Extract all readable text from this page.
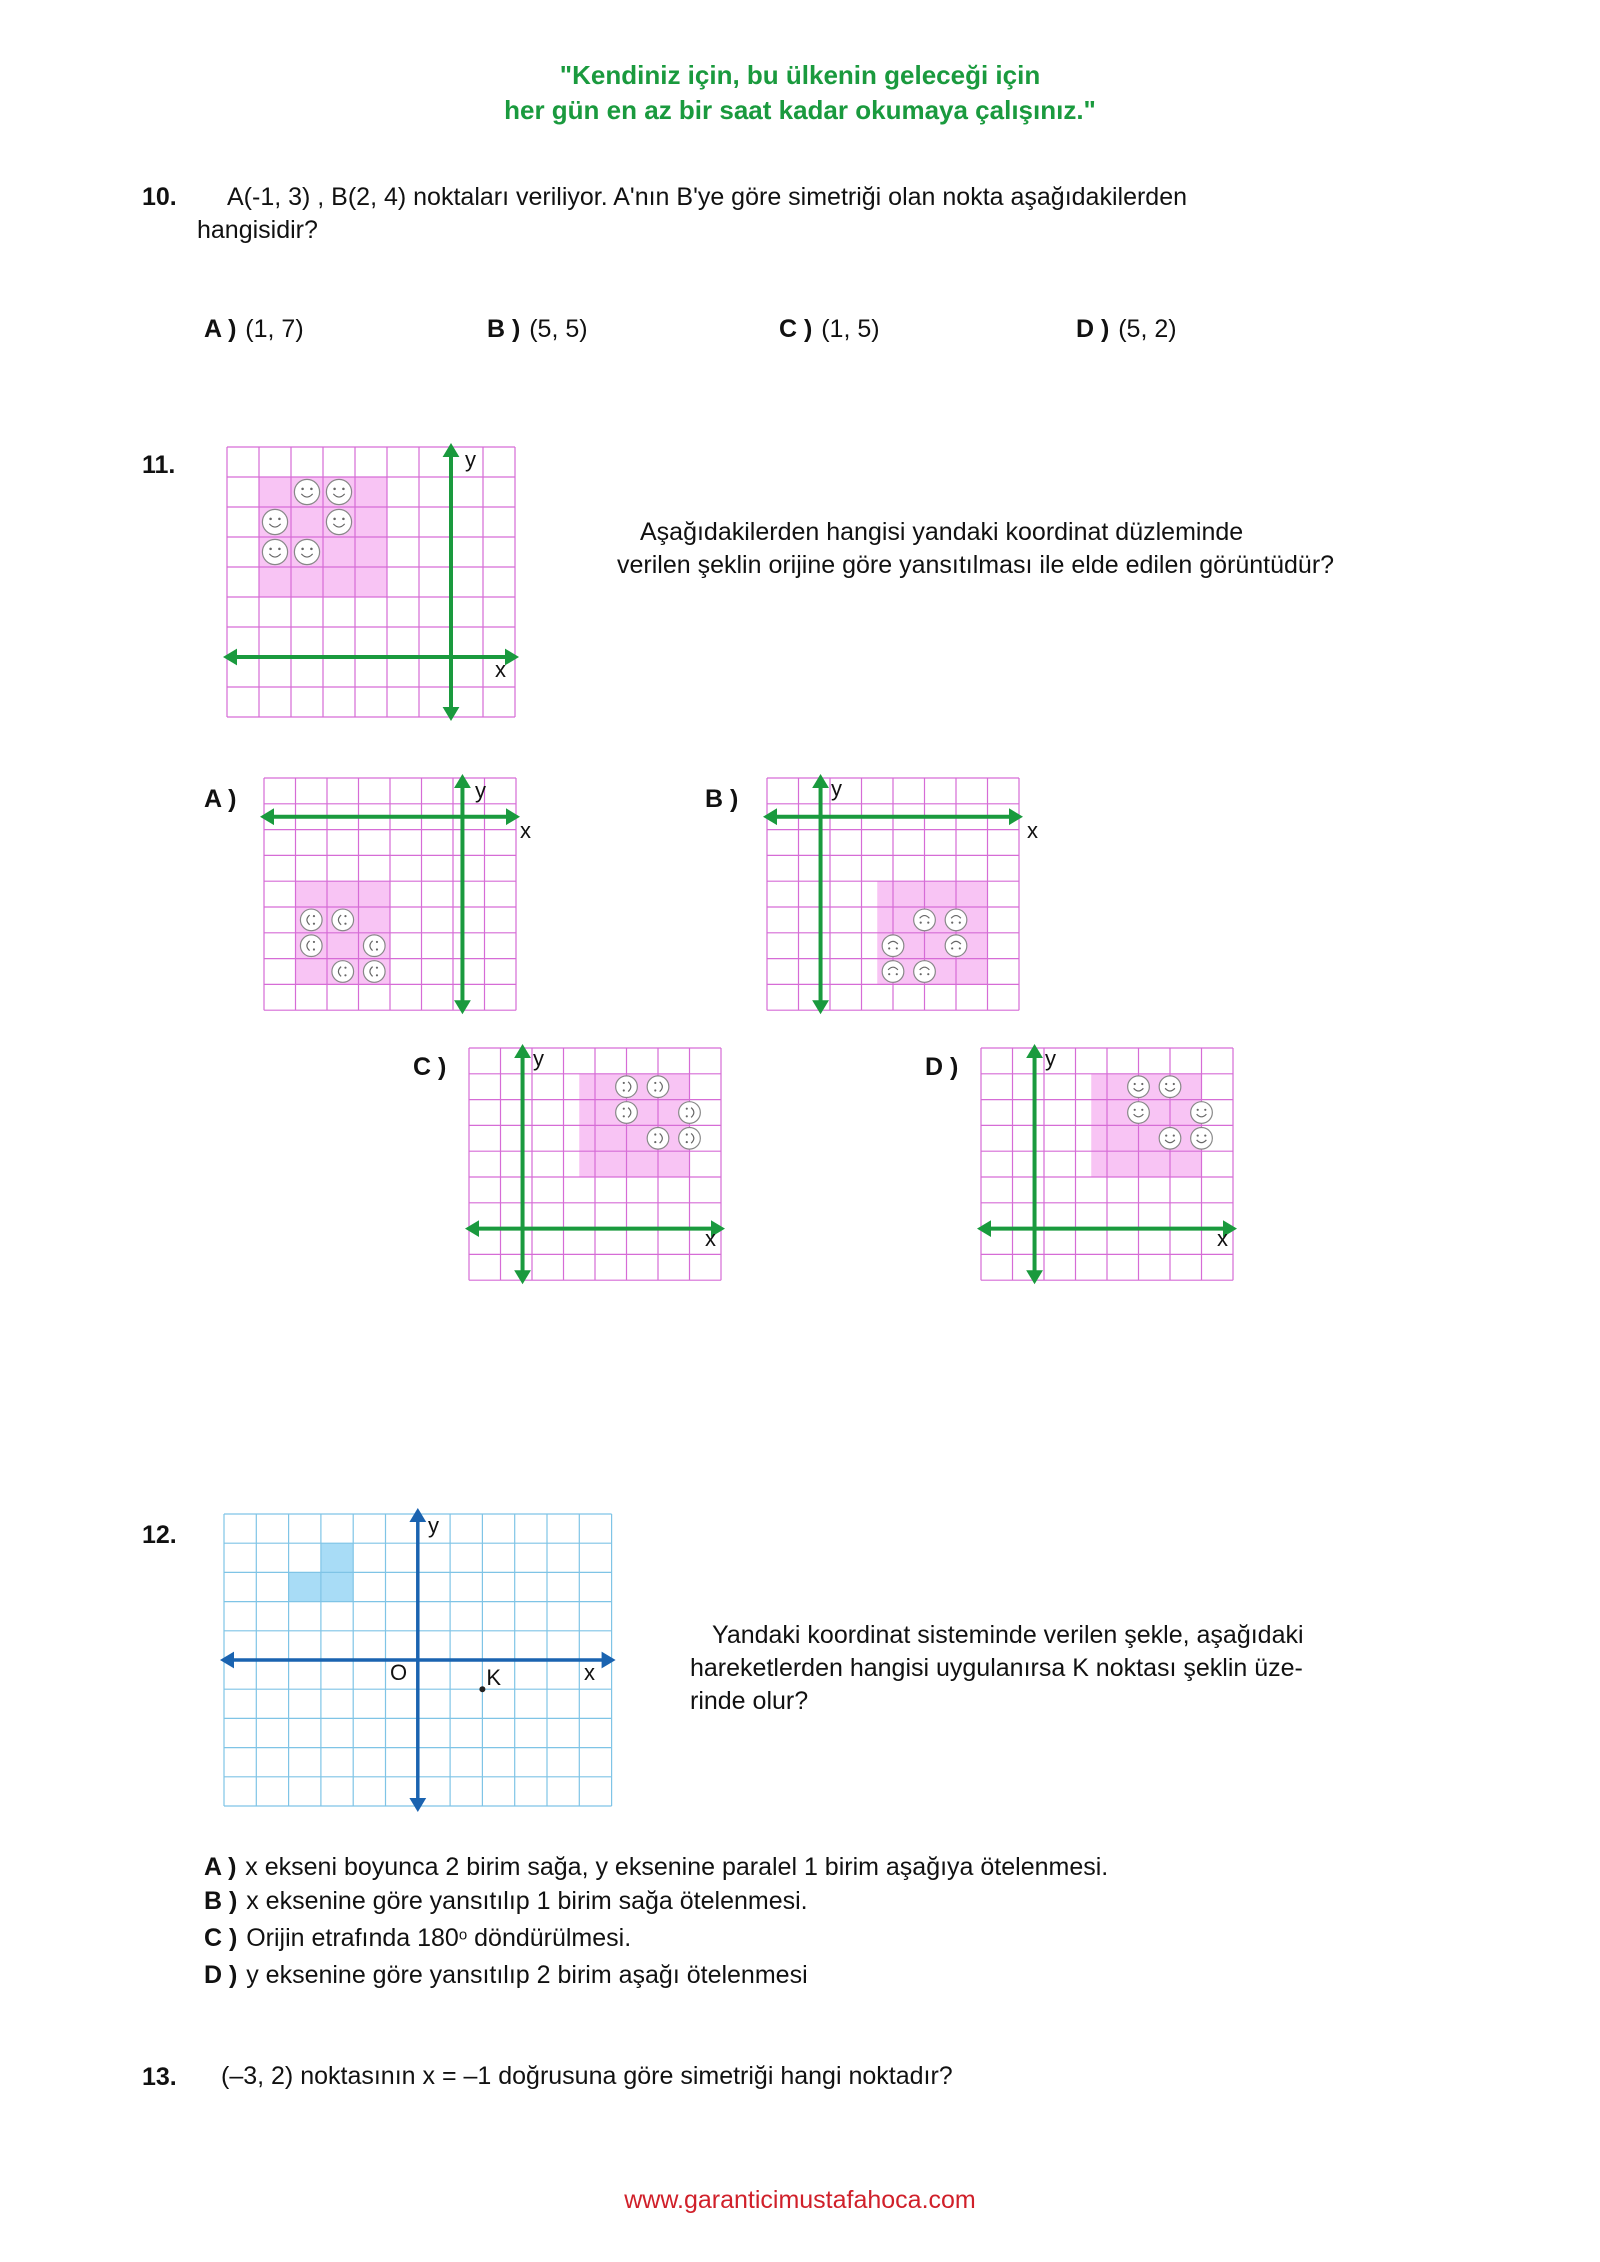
"Kendiniz için, bu ülkenin geleceği için
her gün en az bir saat kadar okumaya çalışınız."
10. A(-1, 3) , B(2, 4) noktaları veriliyor. A'nın B'ye göre simetriği olan nokta aşağıdakilerden
hangisidir?
A ) (1, 7)	B ) (5, 5)	C ) (1, 5)	D ) (5, 2)
11.
Aşağıdakilerden hangisi yandaki koordinat düzleminde
verilen şeklin orijine göre yansıtılması ile elde edilen görüntüdür?
x
y
A )
x
y	B )
x
y
C )
x
y	D )
x
y
12.
x
y
O	K
Yandaki koordinat sisteminde verilen şekle, aşağıdaki
hareketlerden hangisi uygulanırsa K noktası şeklin üze-
rinde olur?
A ) x ekseni boyunca 2 birim sağa, y eksenine paralel 1 birim aşağıya ötelenmesi.
B ) x eksenine göre yansıtılıp 1 birim sağa ötelenmesi.
C ) Orijin etrafında 180$^o$ döndürülmesi.
D ) y eksenine göre yansıtılıp 2 birim aşağı ötelenmesi
13. (–3, 2) noktasının x = –1 doğrusuna göre simetriği hangi noktadır?
www.garanticimustafahoca.com
